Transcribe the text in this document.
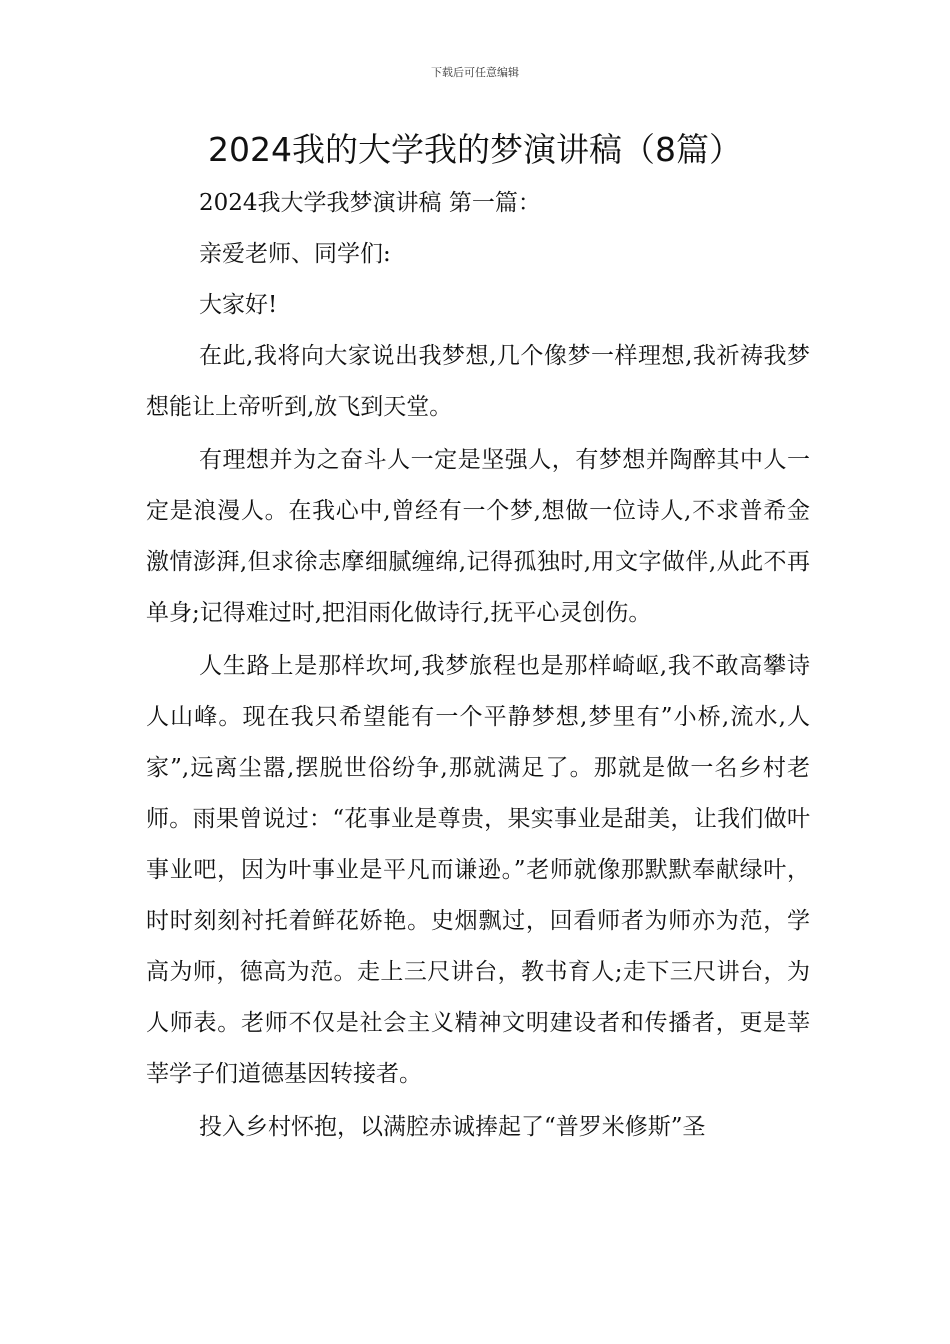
下载后可任意编辑
2024我的大学我的梦演讲稿（8篇）

2024我大学我梦演讲稿 第一篇：

亲爱老师、同学们:

大家好!

在此,我将向大家说出我梦想,几个像梦一样理想,我祈祷我梦想能让上帝听到,放飞到天堂。

有理想并为之奋斗人一定是坚强人，有梦想并陶醉其中人一定是浪漫人。在我心中,曾经有一个梦,想做一位诗人,不求普希金激情澎湃,但求徐志摩细腻缠绵,记得孤独时,用文字做伴,从此不再单身;记得难过时,把泪雨化做诗行,抚平心灵创伤。

人生路上是那样坎坷,我梦旅程也是那样崎岖,我不敢高攀诗人山峰。现在我只希望能有一个平静梦想,梦里有”小桥,流水,人家”,远离尘嚣,摆脱世俗纷争,那就满足了。那就是做一名乡村老师。雨果曾说过：“花事业是尊贵，果实事业是甜美，让我们做叶事业吧，因为叶事业是平凡而谦逊。”老师就像那默默奉献绿叶，时时刻刻衬托着鲜花娇艳。史烟飘过，回看师者为师亦为范，学高为师，德高为范。走上三尺讲台，教书育人;走下三尺讲台，为人师表。老师不仅是社会主义精神文明建设者和传播者，更是莘莘学子们道德基因转接者。

投入乡村怀抱，以满腔赤诚捧起了“普罗米修斯”圣
